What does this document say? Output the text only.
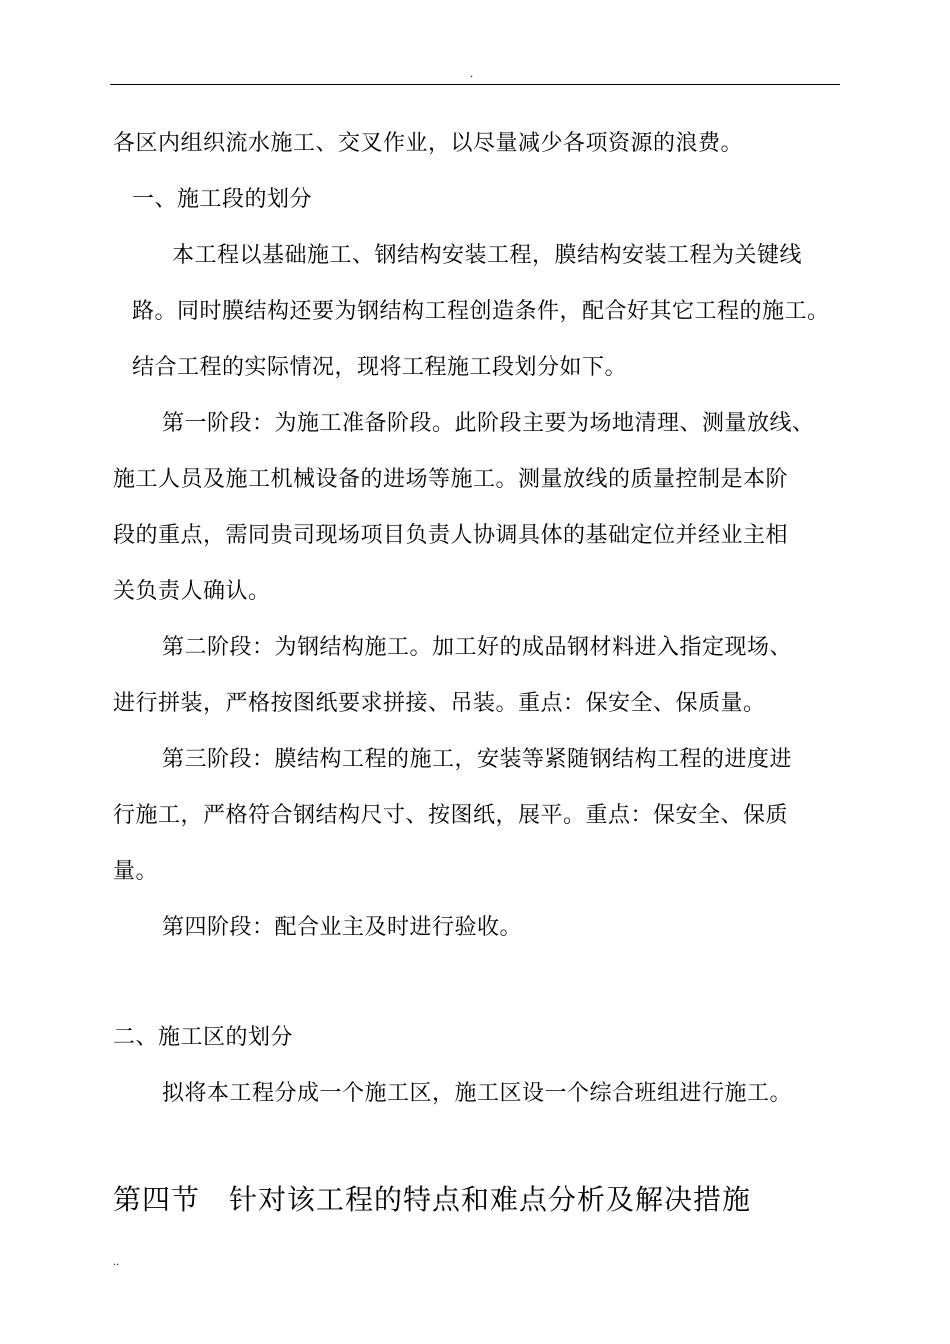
.
各区内组织流水施工、交叉作业，以尽量减少各项资源的浪费。
一、施工段的划分
本工程以基础施工、钢结构安装工程，膜结构安装工程为关键线
路。同时膜结构还要为钢结构工程创造条件，配合好其它工程的施工。
结合工程的实际情况，现将工程施工段划分如下。
第一阶段：为施工准备阶段。此阶段主要为场地清理、测量放线、
施工人员及施工机械设备的进场等施工。测量放线的质量控制是本阶
段的重点，需同贵司现场项目负责人协调具体的基础定位并经业主相
关负责人确认。
第二阶段：为钢结构施工。加工好的成品钢材料进入指定现场、
进行拼装，严格按图纸要求拼接、吊装。重点：保安全、保质量。
第三阶段：膜结构工程的施工，安装等紧随钢结构工程的进度进
行施工，严格符合钢结构尺寸、按图纸，展平。重点：保安全、保质
量。
第四阶段：配合业主及时进行验收。
二、施工区的划分
拟将本工程分成一个施工区，施工区设一个综合班组进行施工。
第四节　针对该工程的特点和难点分析及解决措施
..
